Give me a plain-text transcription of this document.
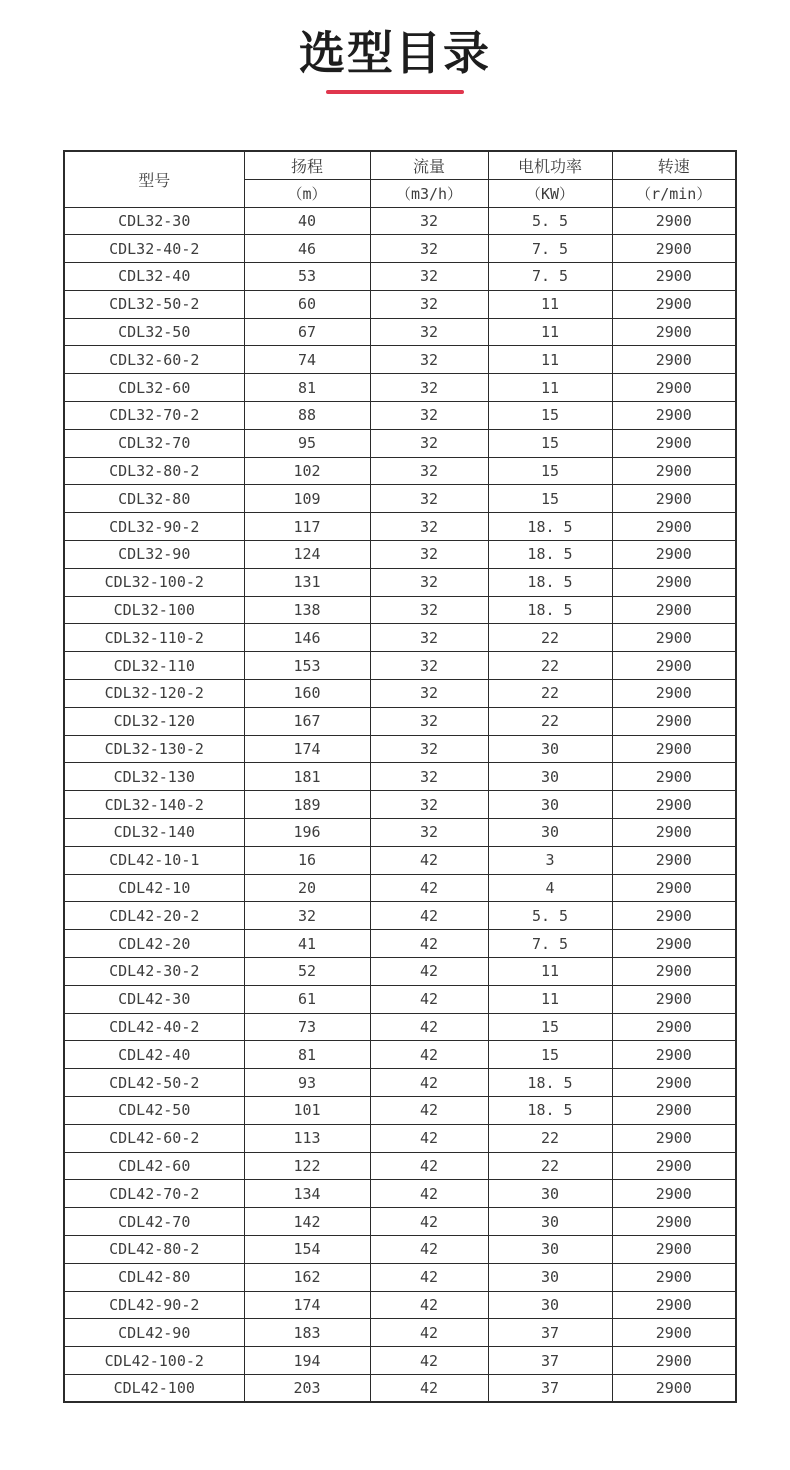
选型目录
型号	扬程	流量	电机功率	转速
	（m）	（m3/h）	（KW）	（r/min）
CDL32-30	40	32	5. 5	2900
CDL32-40-2	46	32	7. 5	2900
CDL32-40	53	32	7. 5	2900
CDL32-50-2	60	32	11	2900
CDL32-50	67	32	11	2900
CDL32-60-2	74	32	11	2900
CDL32-60	81	32	11	2900
CDL32-70-2	88	32	15	2900
CDL32-70	95	32	15	2900
CDL32-80-2	102	32	15	2900
CDL32-80	109	32	15	2900
CDL32-90-2	117	32	18. 5	2900
CDL32-90	124	32	18. 5	2900
CDL32-100-2	131	32	18. 5	2900
CDL32-100	138	32	18. 5	2900
CDL32-110-2	146	32	22	2900
CDL32-110	153	32	22	2900
CDL32-120-2	160	32	22	2900
CDL32-120	167	32	22	2900
CDL32-130-2	174	32	30	2900
CDL32-130	181	32	30	2900
CDL32-140-2	189	32	30	2900
CDL32-140	196	32	30	2900
CDL42-10-1	16	42	3	2900
CDL42-10	20	42	4	2900
CDL42-20-2	32	42	5. 5	2900
CDL42-20	41	42	7. 5	2900
CDL42-30-2	52	42	11	2900
CDL42-30	61	42	11	2900
CDL42-40-2	73	42	15	2900
CDL42-40	81	42	15	2900
CDL42-50-2	93	42	18. 5	2900
CDL42-50	101	42	18. 5	2900
CDL42-60-2	113	42	22	2900
CDL42-60	122	42	22	2900
CDL42-70-2	134	42	30	2900
CDL42-70	142	42	30	2900
CDL42-80-2	154	42	30	2900
CDL42-80	162	42	30	2900
CDL42-90-2	174	42	30	2900
CDL42-90	183	42	37	2900
CDL42-100-2	194	42	37	2900
CDL42-100	203	42	37	2900
